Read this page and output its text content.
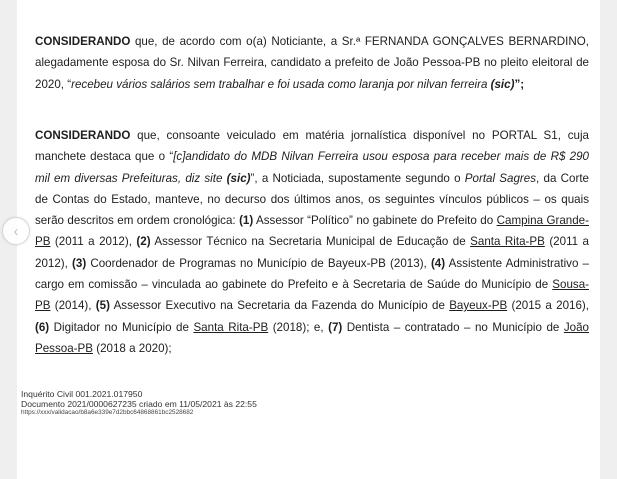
CONSIDERANDO que, de acordo com o(a) Noticiante, a Sr.ª FERNANDA GONÇALVES BERNARDINO, alegadamente esposa do Sr. Nilvan Ferreira, candidato a prefeito de João Pessoa-PB no pleito eleitoral de 2020, “recebeu vários salários sem trabalhar e foi usada como laranja por nilvan ferreira (sic)”;

CONSIDERANDO que, consoante veiculado em matéria jornalística disponível no PORTAL S1, cuja manchete destaca que o “[c]andidato do MDB Nilvan Ferreira usou esposa para receber mais de R$ 290 mil em diversas Prefeituras, diz site (sic)”, a Noticiada, supostamente segundo o Portal Sagres, da Corte de Contas do Estado, manteve, no decurso dos últimos anos, os seguintes vínculos públicos – os quais serão descritos em ordem cronológica: (1) Assessor “Político” no gabinete do Prefeito do Campina Grande-PB (2011 a 2012), (2) Assessor Técnico na Secretaria Municipal de Educação de Santa Rita-PB (2011 a 2012), (3) Coordenador de Programas no Município de Bayeux-PB (2013), (4) Assistente Administrativo – cargo em comissão – vinculada ao gabinete do Prefeito e à Secretaria de Saúde do Município de Sousa-PB (2014), (5) Assessor Executivo na Secretaria da Fazenda do Município de Bayeux-PB (2015 a 2016), (6) Digitador no Município de Santa Rita-PB (2018); e, (7) Dentista – contratado – no Município de João Pessoa-PB (2018 a 2020);

Inquérito Civil 001.2021.017950
Documento 2021/0000627235 criado em 11/05/2021 às 22:55
https://xxx/validacao/b8a6e339e7d2bbc64868861bc2528682
‹
